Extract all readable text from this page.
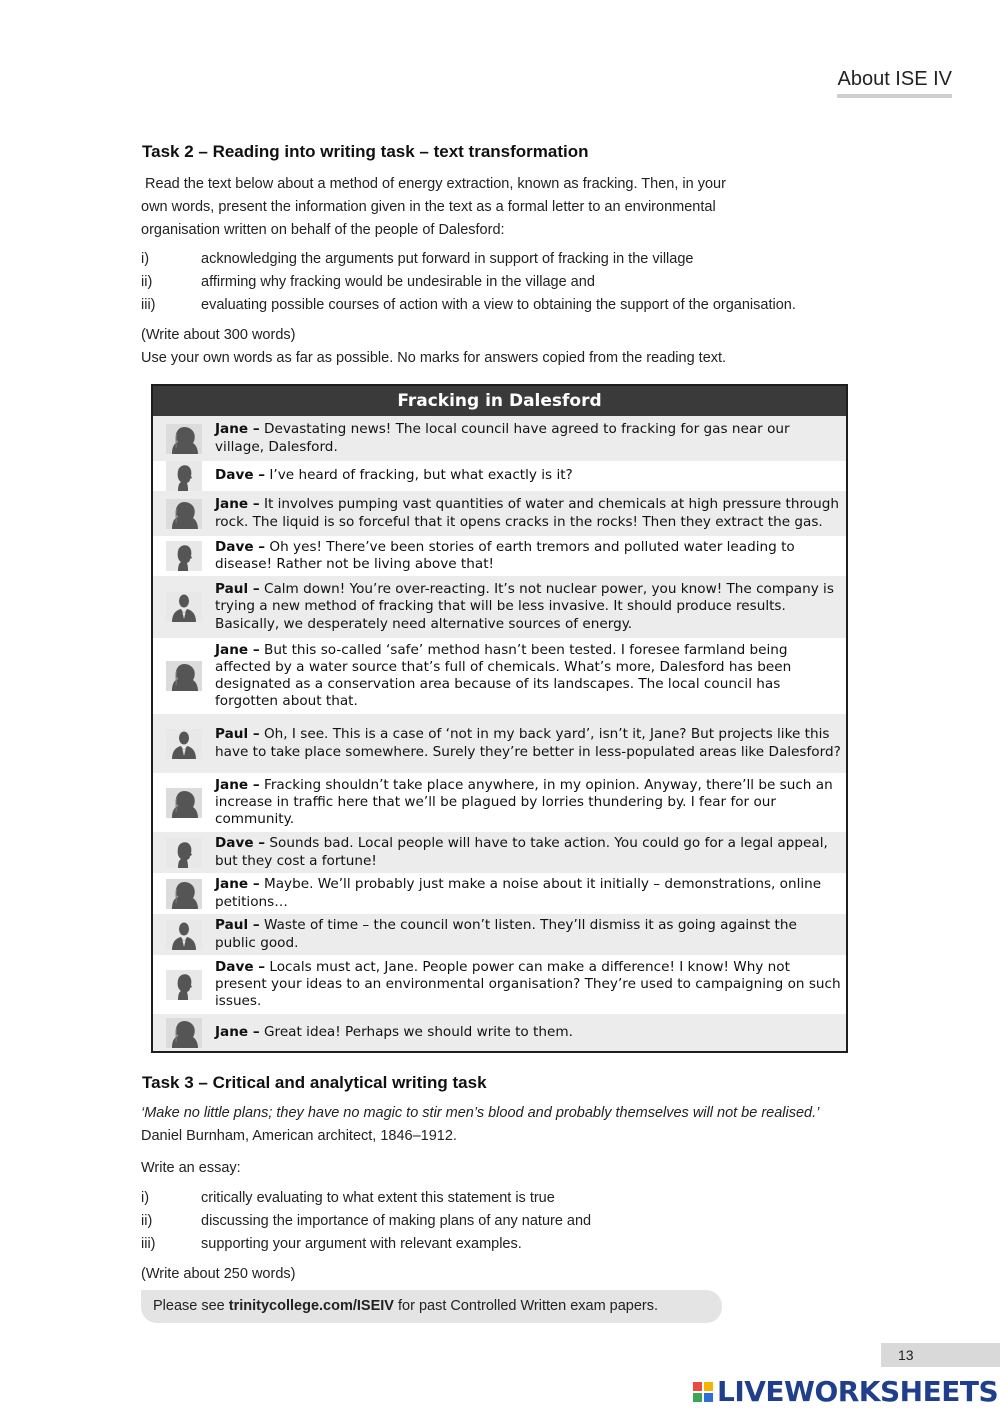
About ISE IV
Task 2 – Reading into writing task – text transformation
Read the text below about a method of energy extraction, known as fracking. Then, in your
own words, present the information given in the text as a formal letter to an environmental
organisation written on behalf of the people of Dalesford:
i)	acknowledging the arguments put forward in support of fracking in the village
ii)	affirming why fracking would be undesirable in the village and
iii)	evaluating possible courses of action with a view to obtaining the support of the organisation.
(Write about 300 words)
Use your own words as far as possible. No marks for answers copied from the reading text.
Fracking in Dalesford
Jane – Devastating news! The local council have agreed to fracking for gas near our village, Dalesford.
Dave – I’ve heard of fracking, but what exactly is it?
Jane – It involves pumping vast quantities of water and chemicals at high pressure through rock. The liquid is so forceful that it opens cracks in the rocks! Then they extract the gas.
Dave – Oh yes! There’ve been stories of earth tremors and polluted water leading to disease! Rather not be living above that!
Paul – Calm down! You’re over-reacting. It’s not nuclear power, you know! The company is trying a new method of fracking that will be less invasive. It should produce results. Basically, we desperately need alternative sources of energy.
Jane – But this so-called ‘safe’ method hasn’t been tested. I foresee farmland being affected by a water source that’s full of chemicals. What’s more, Dalesford has been designated as a conservation area because of its landscapes. The local council has forgotten about that.
Paul – Oh, I see. This is a case of ‘not in my back yard’, isn’t it, Jane? But projects like this have to take place somewhere. Surely they’re better in less-populated areas like Dalesford?
Jane – Fracking shouldn’t take place anywhere, in my opinion. Anyway, there’ll be such an increase in traffic here that we’ll be plagued by lorries thundering by. I fear for our community.
Dave – Sounds bad. Local people will have to take action. You could go for a legal appeal, but they cost a fortune!
Jane – Maybe. We’ll probably just make a noise about it initially – demonstrations, online petitions…
Paul – Waste of time – the council won’t listen. They’ll dismiss it as going against the public good.
Dave – Locals must act, Jane. People power can make a difference! I know! Why not present your ideas to an environmental organisation? They’re used to campaigning on such issues.
Jane – Great idea! Perhaps we should write to them.
Task 3 – Critical and analytical writing task
‘Make no little plans; they have no magic to stir men’s blood and probably themselves will not be realised.’
Daniel Burnham, American architect, 1846–1912.
Write an essay:
i)	critically evaluating to what extent this statement is true
ii)	discussing the importance of making plans of any nature and
iii)	supporting your argument with relevant examples.
(Write about 250 words)
Please see trinitycollege.com/ISEIV for past Controlled Written exam papers.
13
LIVEWORKSHEETS
